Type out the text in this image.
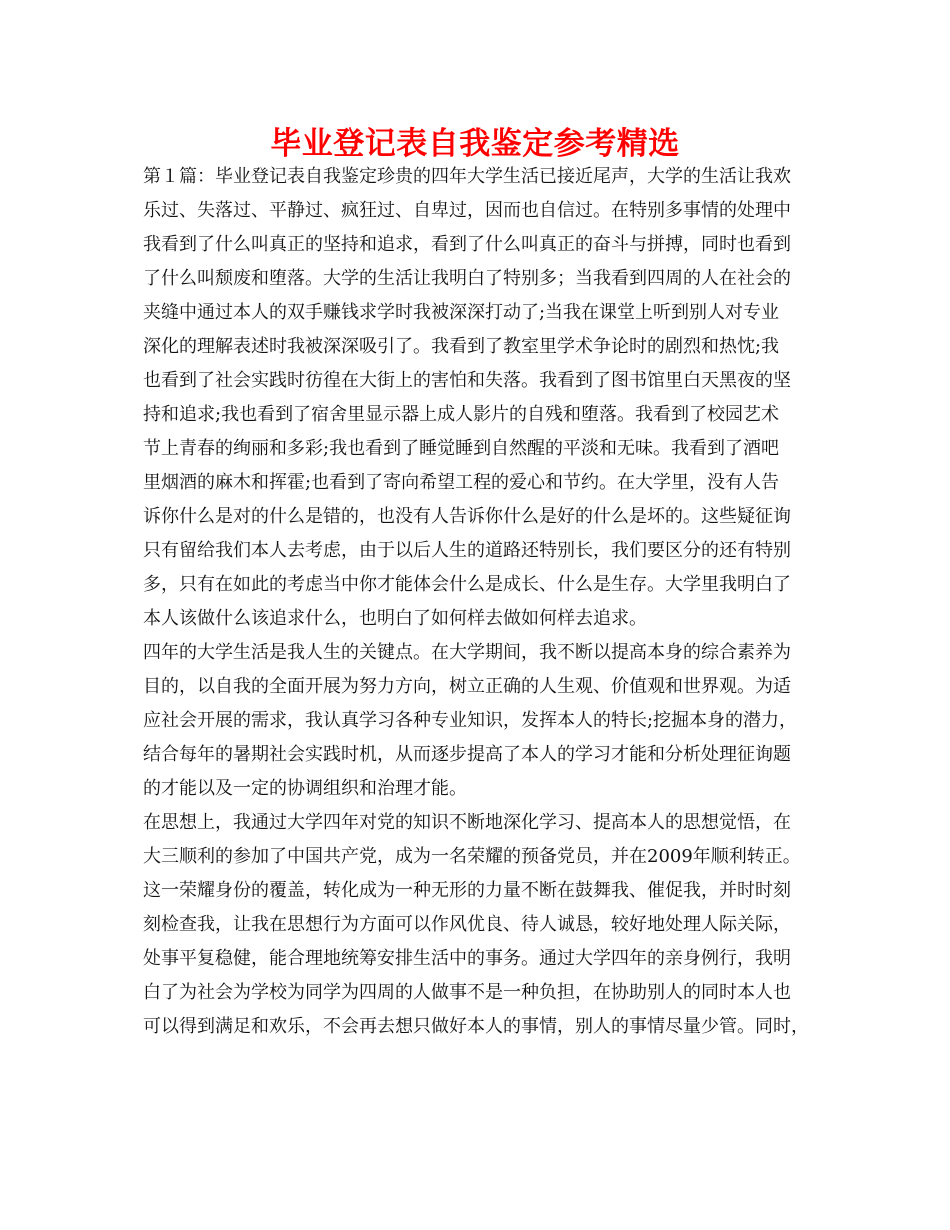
毕业登记表自我鉴定参考精选
第１篇：毕业登记表自我鉴定珍贵的四年大学生活已接近尾声，大学的生活让我欢
乐过、失落过、平静过、疯狂过、自卑过，因而也自信过。在特别多事情的处理中
我看到了什么叫真正的坚持和追求，看到了什么叫真正的奋斗与拼搏，同时也看到
了什么叫颓废和堕落。大学的生活让我明白了特别多；当我看到四周的人在社会的
夹缝中通过本人的双手赚钱求学时我被深深打动了;当我在课堂上听到别人对专业
深化的理解表述时我被深深吸引了。我看到了教室里学术争论时的剧烈和热忱;我
也看到了社会实践时彷徨在大街上的害怕和失落。我看到了图书馆里白天黑夜的坚
持和追求;我也看到了宿舍里显示器上成人影片的自残和堕落。我看到了校园艺术
节上青春的绚丽和多彩;我也看到了睡觉睡到自然醒的平淡和无味。我看到了酒吧
里烟酒的麻木和挥霍;也看到了寄向希望工程的爱心和节约。在大学里，没有人告
诉你什么是对的什么是错的，也没有人告诉你什么是好的什么是坏的。这些疑征询
只有留给我们本人去考虑，由于以后人生的道路还特别长，我们要区分的还有特别
多，只有在如此的考虑当中你才能体会什么是成长、什么是生存。大学里我明白了
本人该做什么该追求什么，也明白了如何样去做如何样去追求。
四年的大学生活是我人生的关键点。在大学期间，我不断以提高本身的综合素养为
目的，以自我的全面开展为努力方向，树立正确的人生观、价值观和世界观。为适
应社会开展的需求，我认真学习各种专业知识，发挥本人的特长;挖掘本身的潜力，
结合每年的暑期社会实践时机，从而逐步提高了本人的学习才能和分析处理征询题
的才能以及一定的协调组织和治理才能。
在思想上，我通过大学四年对党的知识不断地深化学习、提高本人的思想觉悟，在
大三顺利的参加了中国共产党，成为一名荣耀的预备党员，并在2009年顺利转正。
这一荣耀身份的覆盖，转化成为一种无形的力量不断在鼓舞我、催促我，并时时刻
刻检查我，让我在思想行为方面可以作风优良、待人诚恳，较好地处理人际关际，
处事平复稳健，能合理地统筹安排生活中的事务。通过大学四年的亲身例行，我明
白了为社会为学校为同学为四周的人做事不是一种负担，在协助别人的同时本人也
可以得到满足和欢乐，不会再去想只做好本人的事情，别人的事情尽量少管。同时，
